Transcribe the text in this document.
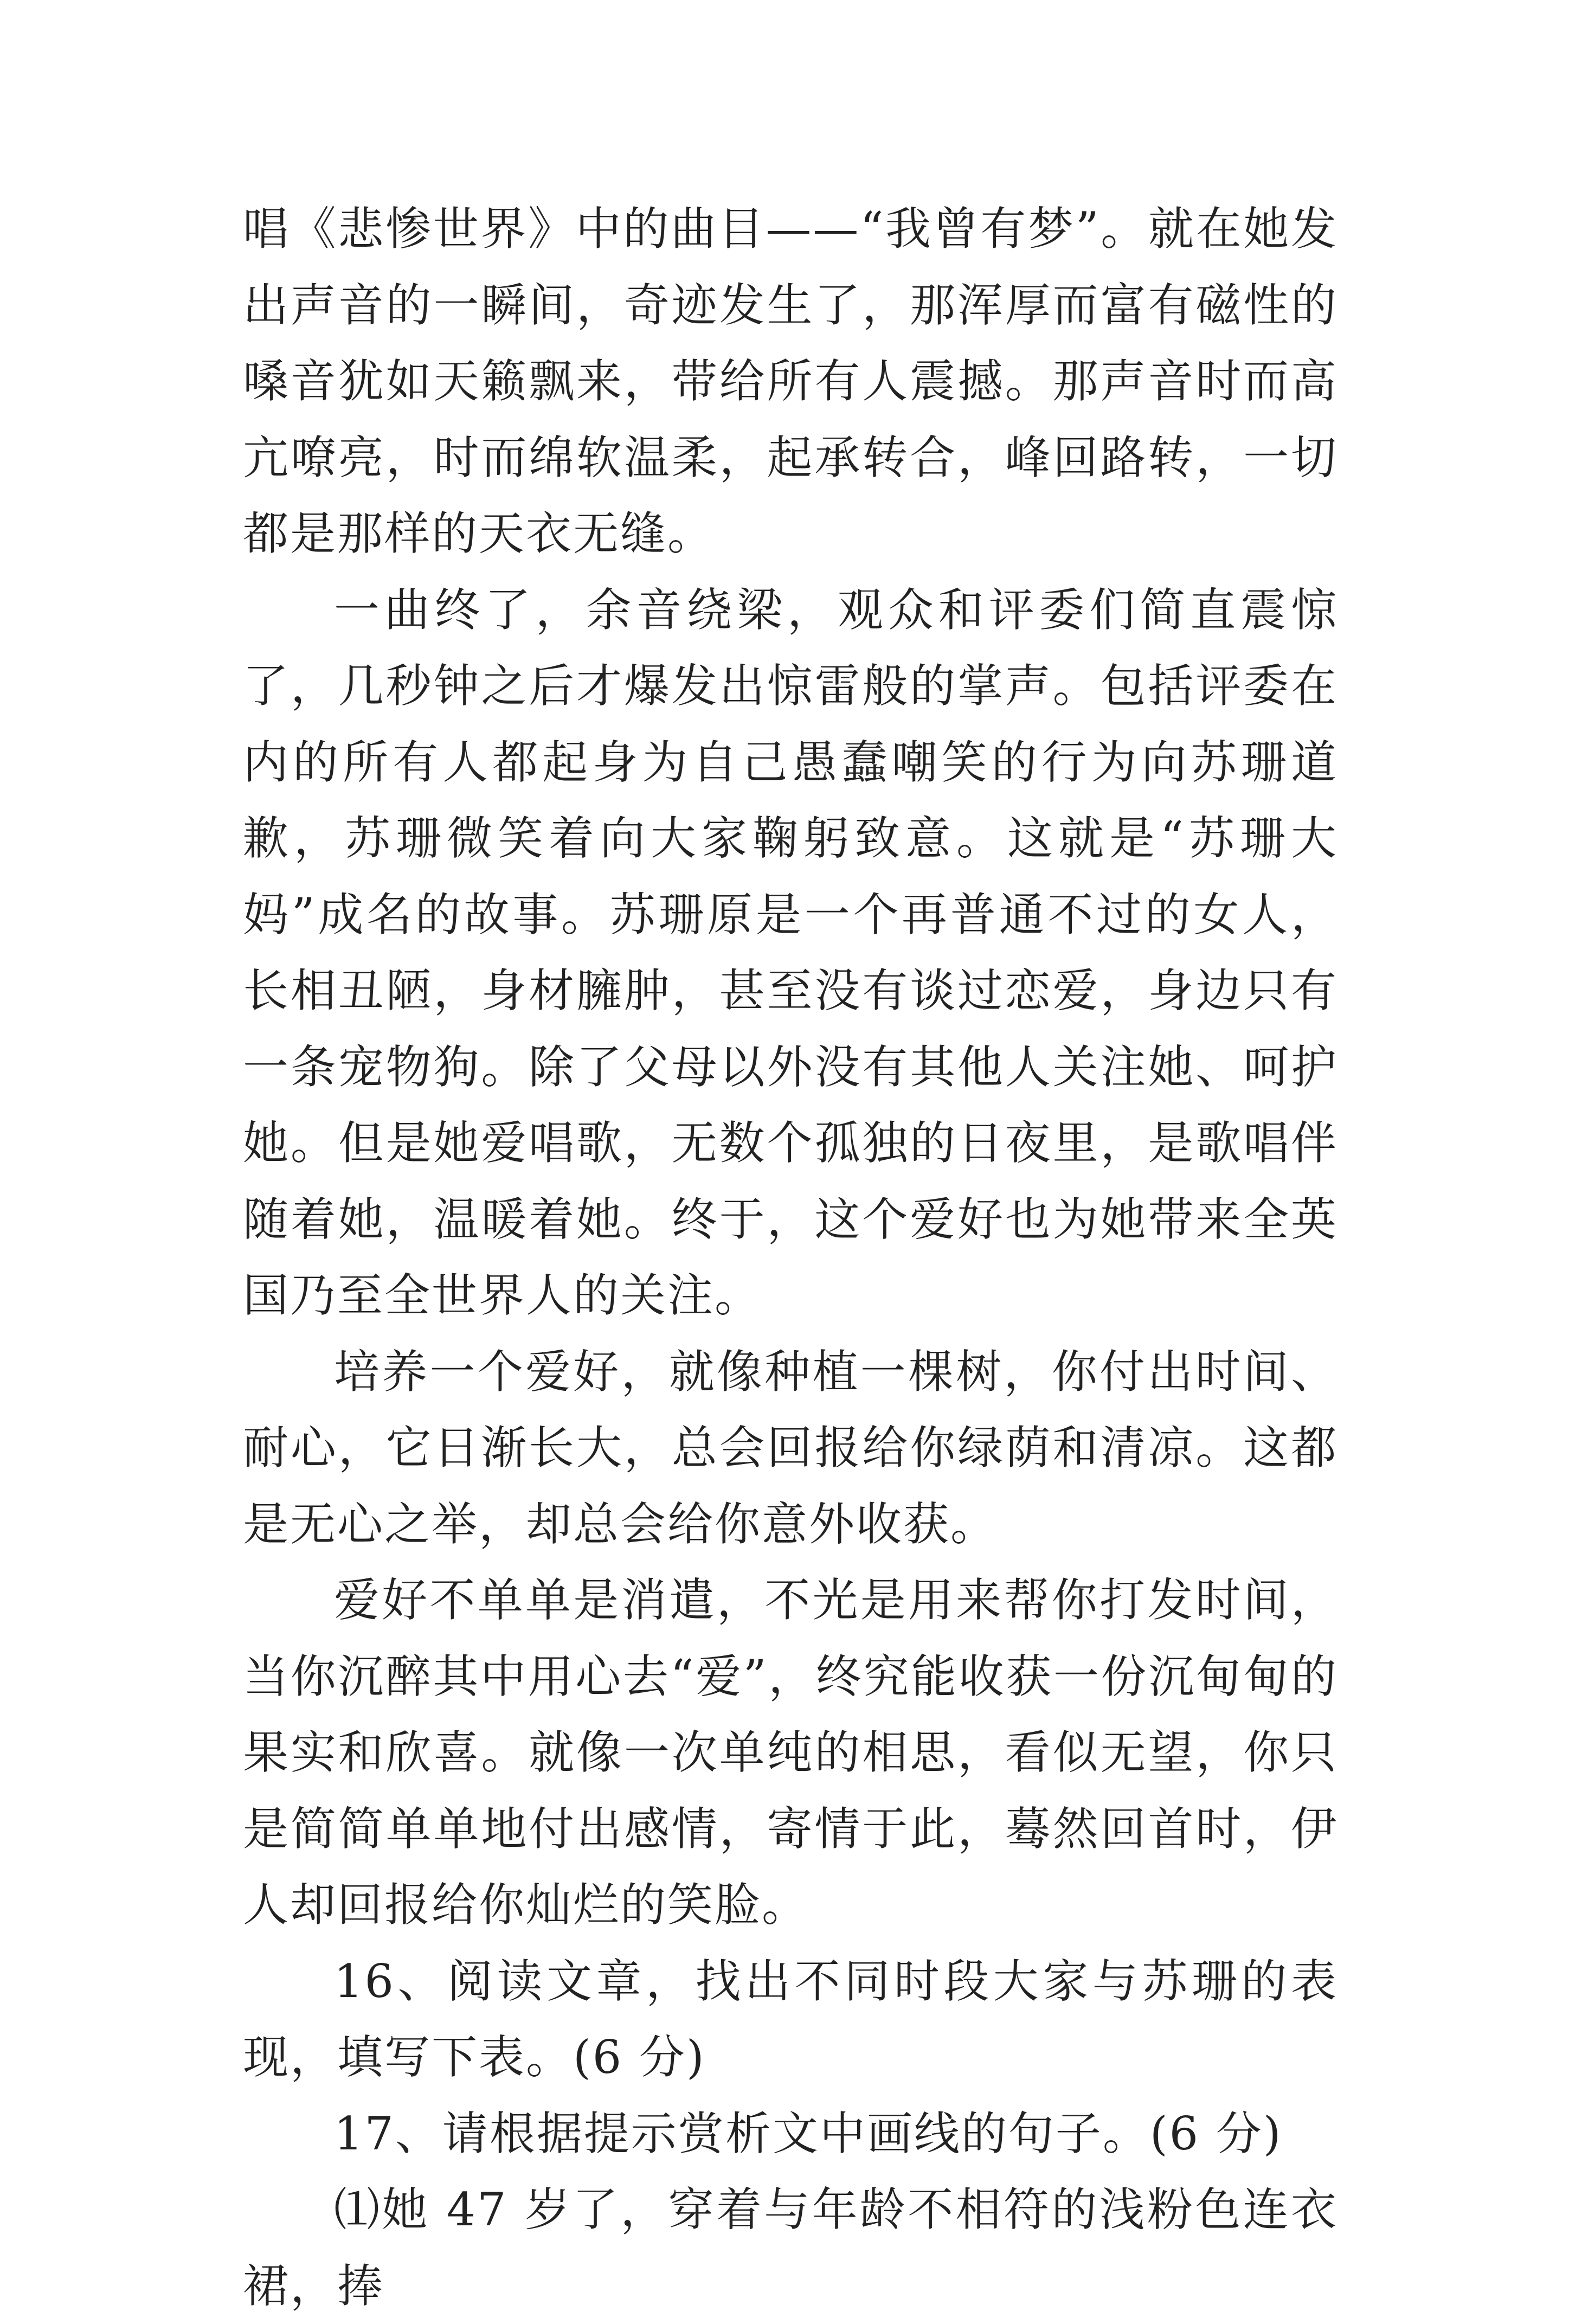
唱《悲惨世界》中的曲目——“我曾有梦”。就在她发出声音的一瞬间，奇迹发生了，那浑厚而富有磁性的嗓音犹如天籁飘来，带给所有人震撼。那声音时而高亢嘹亮，时而绵软温柔，起承转合，峰回路转，一切都是那样的天衣无缝。

一曲终了，余音绕梁，观众和评委们简直震惊了，几秒钟之后才爆发出惊雷般的掌声。包括评委在内的所有人都起身为自己愚蠢嘲笑的行为向苏珊道歉，苏珊微笑着向大家鞠躬致意。这就是“苏珊大妈”成名的故事。苏珊原是一个再普通不过的女人，长相丑陋，身材臃肿，甚至没有谈过恋爱，身边只有一条宠物狗。除了父母以外没有其他人关注她、呵护她。但是她爱唱歌，无数个孤独的日夜里，是歌唱伴随着她，温暖着她。终于，这个爱好也为她带来全英国乃至全世界人的关注。

培养一个爱好，就像种植一棵树，你付出时间、耐心，它日渐长大，总会回报给你绿荫和清凉。这都是无心之举，却总会给你意外收获。

爱好不单单是消遣，不光是用来帮你打发时间，当你沉醉其中用心去“爱”，终究能收获一份沉甸甸的果实和欣喜。就像一次单纯的相思，看似无望，你只是简简单单地付出感情，寄情于此，蓦然回首时，伊人却回报给你灿烂的笑脸。

16、阅读文章，找出不同时段大家与苏珊的表现，填写下表。(6 分)

17、请根据提示赏析文中画线的句子。(6 分)

⑴她 47 岁了，穿着与年龄不相符的浅粉色连衣裙，捧
